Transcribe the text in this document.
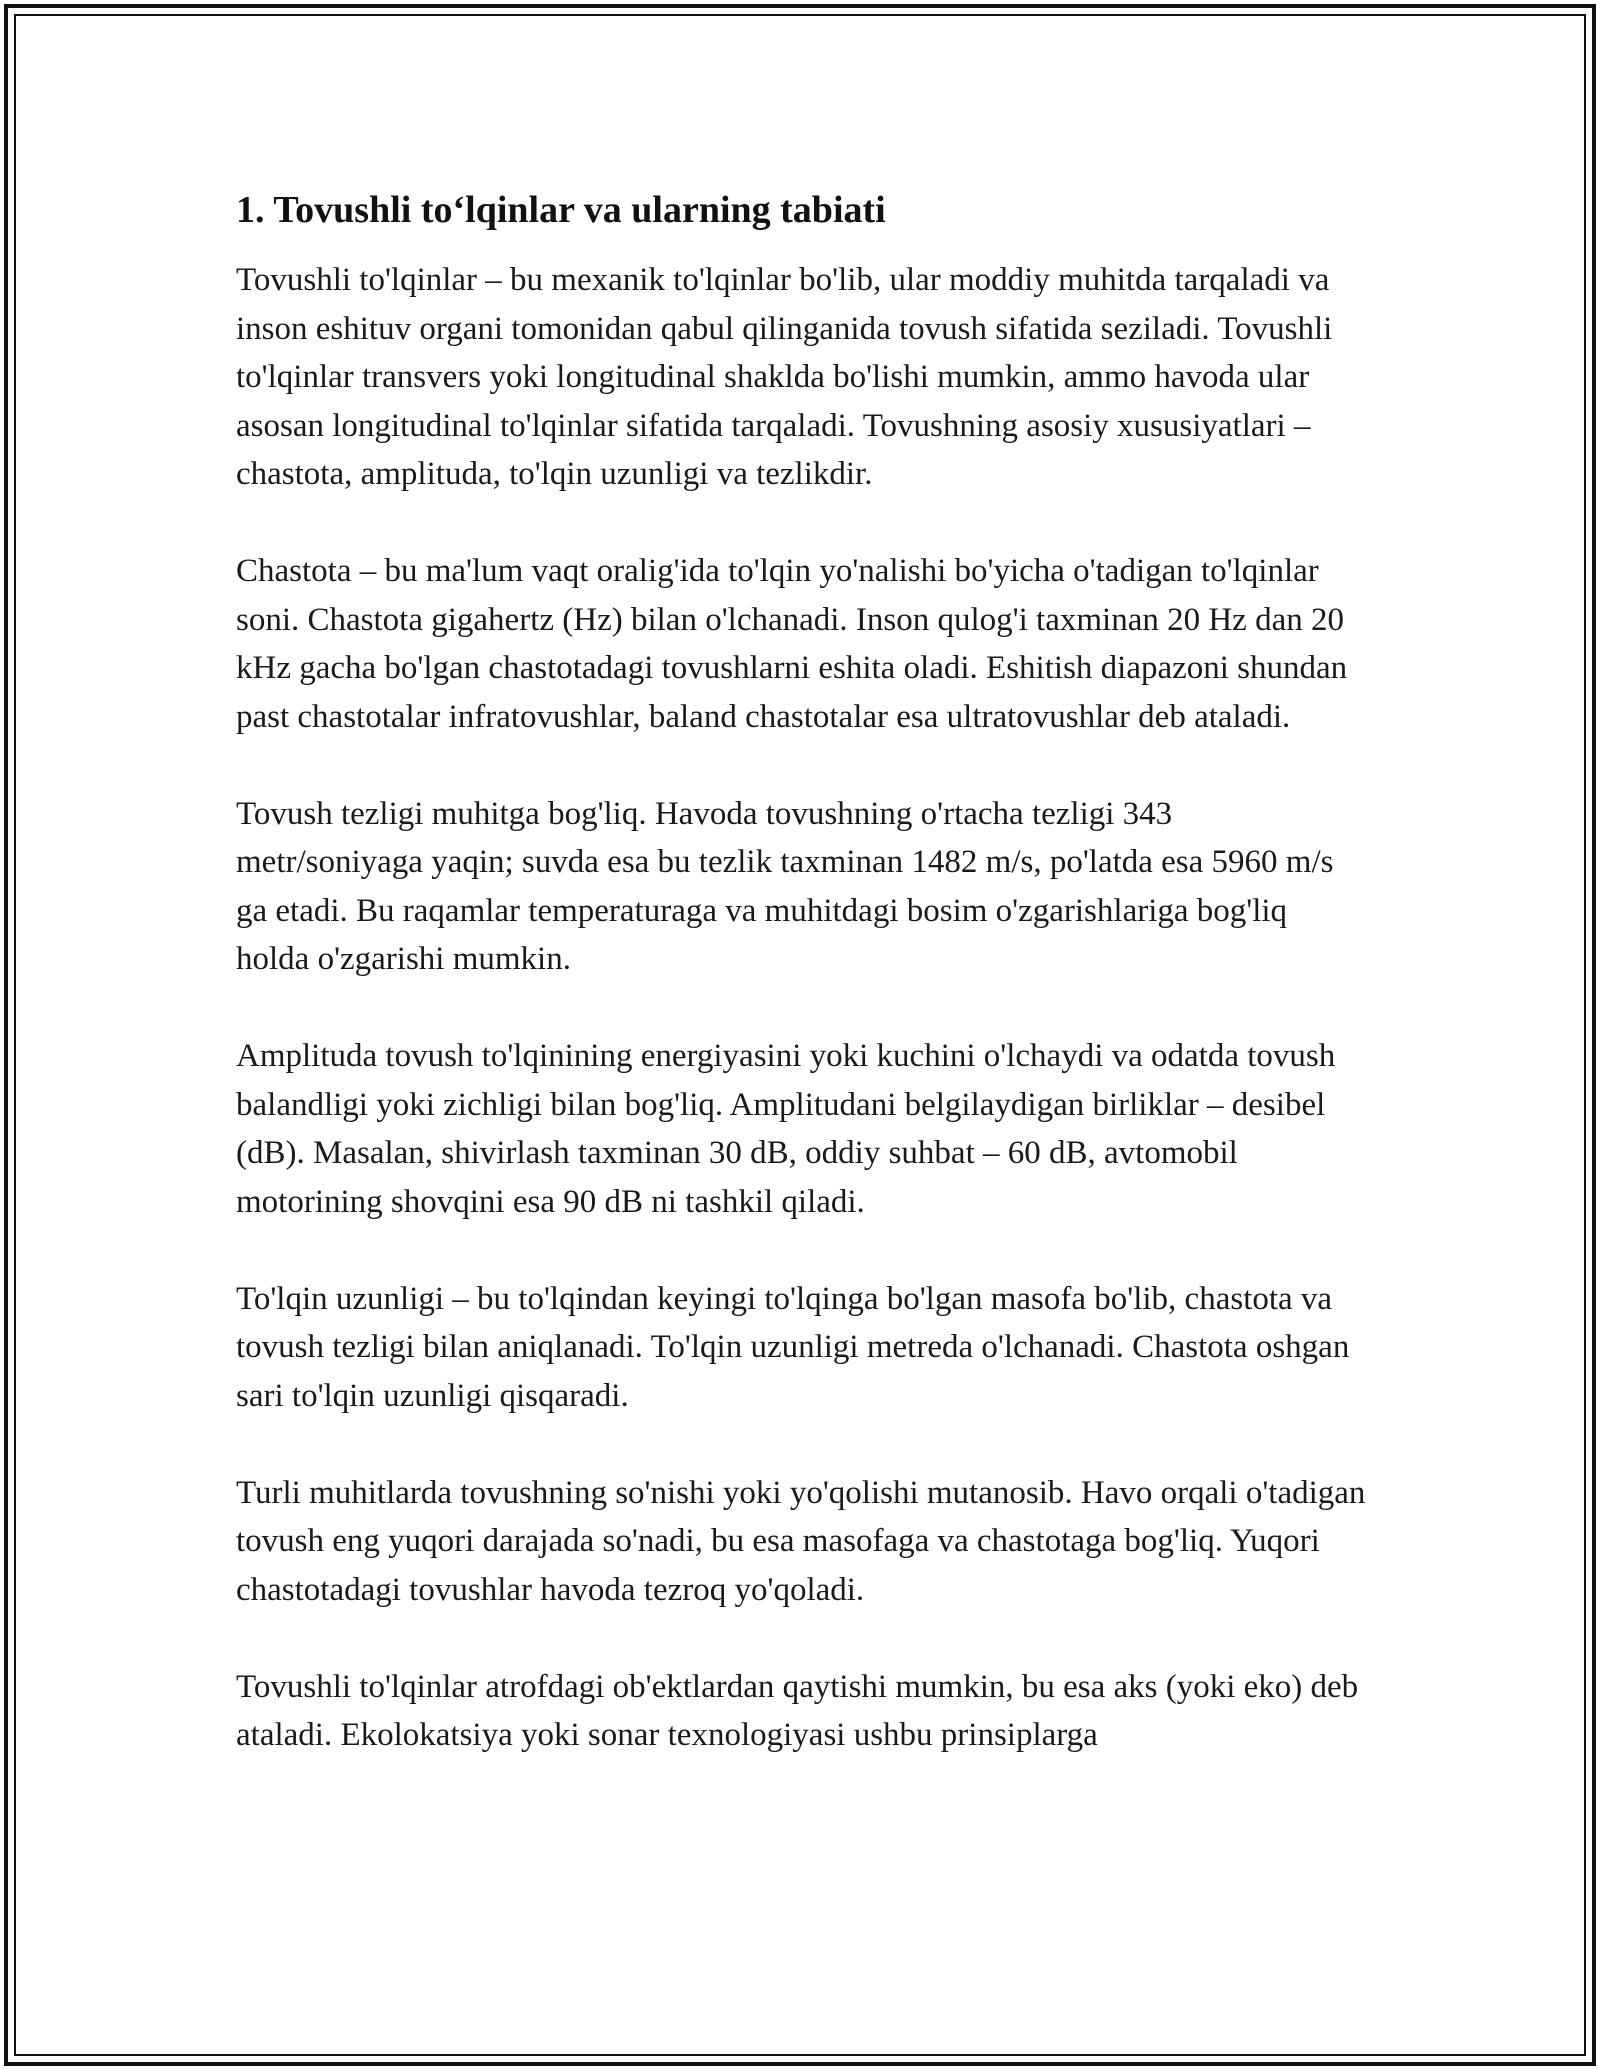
1. Tovushli to‘lqinlar va ularning tabiati

Tovushli to'lqinlar – bu mexanik to'lqinlar bo'lib, ular moddiy muhitda tarqaladi va inson eshituv organi tomonidan qabul qilinganida tovush sifatida seziladi. Tovushli to'lqinlar transvers yoki longitudinal shaklda bo'lishi mumkin, ammo havoda ular asosan longitudinal to'lqinlar sifatida tarqaladi. Tovushning asosiy xususiyatlari – chastota, amplituda, to'lqin uzunligi va tezlikdir.

Chastota – bu ma'lum vaqt oralig'ida to'lqin yo'nalishi bo'yicha o'tadigan to'lqinlar soni. Chastota gigahertz (Hz) bilan o'lchanadi. Inson qulog'i taxminan 20 Hz dan 20 kHz gacha bo'lgan chastotadagi tovushlarni eshita oladi. Eshitish diapazoni shundan past chastotalar infratovushlar, baland chastotalar esa ultratovushlar deb ataladi.

Tovush tezligi muhitga bog'liq. Havoda tovushning o'rtacha tezligi 343 metr/soniyaga yaqin; suvda esa bu tezlik taxminan 1482 m/s, po'latda esa 5960 m/s ga etadi. Bu raqamlar temperaturaga va muhitdagi bosim o'zgarishlariga bog'liq holda o'zgarishi mumkin.

Amplituda tovush to'lqinining energiyasini yoki kuchini o'lchaydi va odatda tovush balandligi yoki zichligi bilan bog'liq. Amplitudani belgilaydigan birliklar – desibel (dB). Masalan, shivirlash taxminan 30 dB, oddiy suhbat – 60 dB, avtomobil motorining shovqini esa 90 dB ni tashkil qiladi.

To'lqin uzunligi – bu to'lqindan keyingi to'lqinga bo'lgan masofa bo'lib, chastota va tovush tezligi bilan aniqlanadi. To'lqin uzunligi metreda o'lchanadi. Chastota oshgan sari to'lqin uzunligi qisqaradi.

Turli muhitlarda tovushning so'nishi yoki yo'qolishi mutanosib. Havo orqali o'tadigan tovush eng yuqori darajada so'nadi, bu esa masofaga va chastotaga bog'liq. Yuqori chastotadagi tovushlar havoda tezroq yo'qoladi.

Tovushli to'lqinlar atrofdagi ob'ektlardan qaytishi mumkin, bu esa aks (yoki eko) deb ataladi. Ekolokatsiya yoki sonar texnologiyasi ushbu prinsiplarga
